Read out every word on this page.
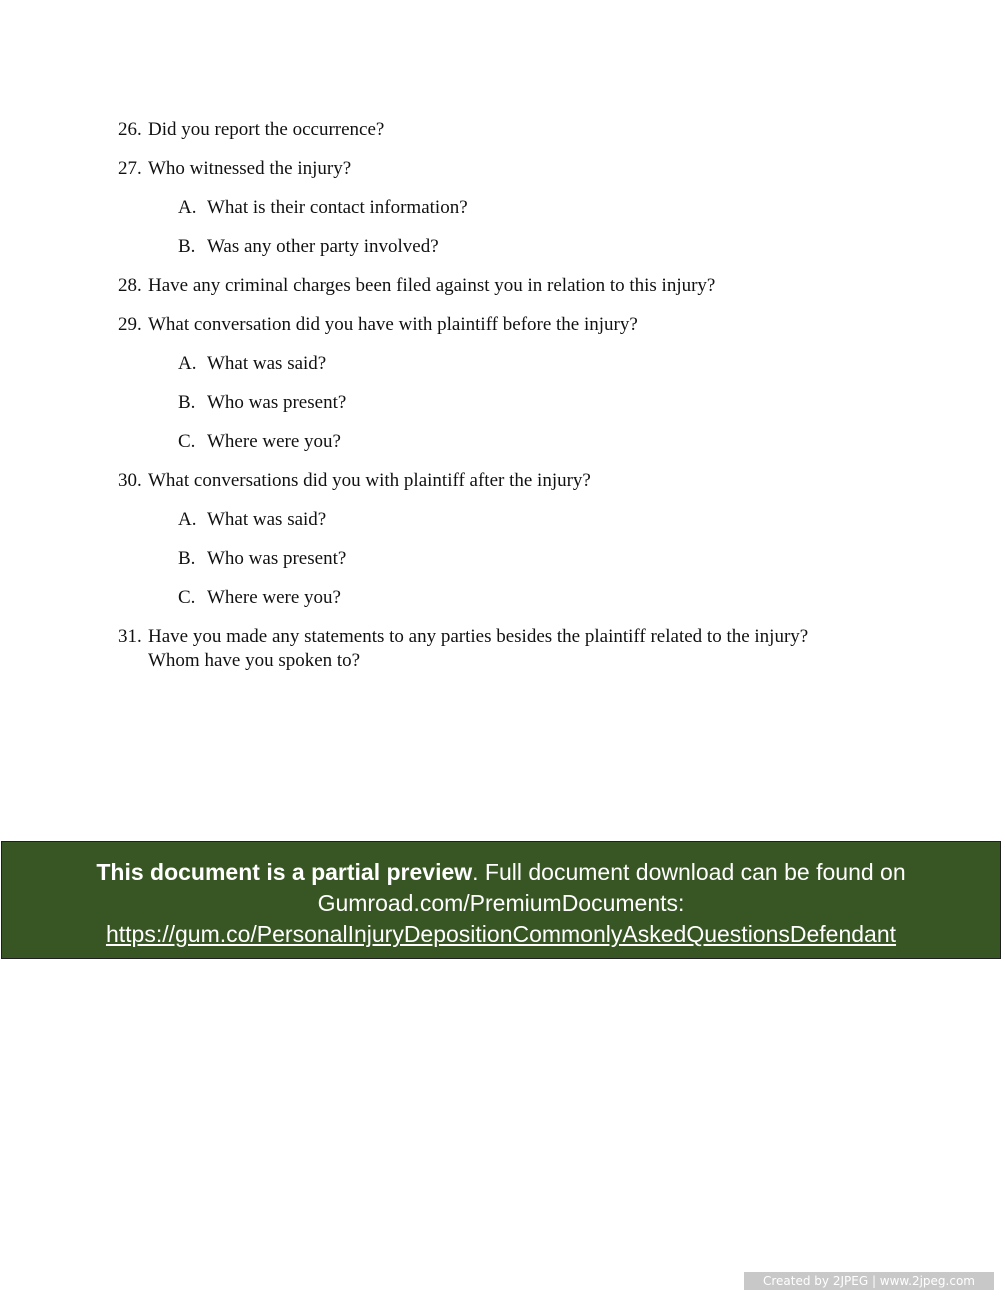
26. Did you report the occurrence?
27. Who witnessed the injury?
A. What is their contact information?
B. Was any other party involved?
28. Have any criminal charges been filed against you in relation to this injury?
29. What conversation did you have with plaintiff before the injury?
A. What was said?
B. Who was present?
C. Where were you?
30. What conversations did you with plaintiff after the injury?
A. What was said?
B. Who was present?
C. Where were you?
31. Have you made any statements to any parties besides the plaintiff related to the injury?
Whom have you spoken to?
This document is a partial preview. Full document download can be found on
Gumroad.com/PremiumDocuments:
https://gum.co/PersonalInjuryDepositionCommonlyAskedQuestionsDefendant
Created by 2JPEG | www.2jpeg.com
